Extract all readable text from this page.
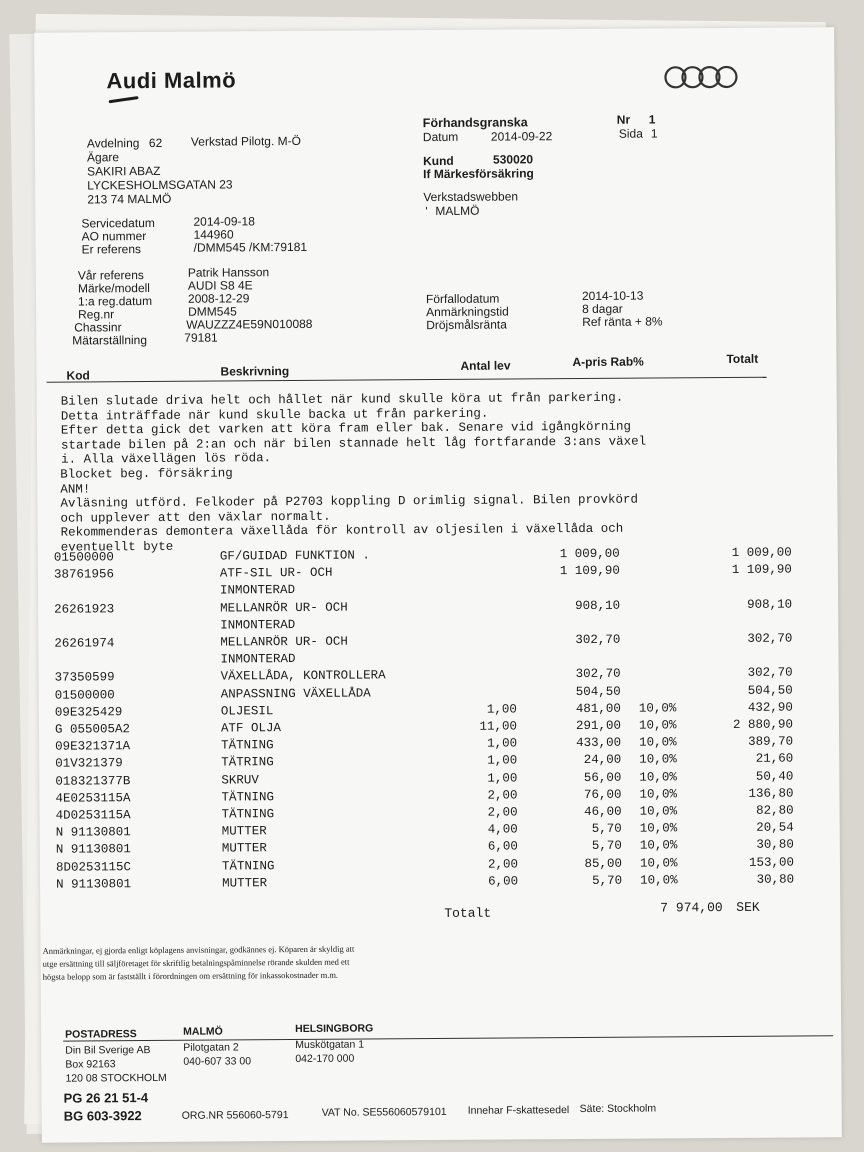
Audi Malmö
Förhandsgranska	Nr 1
Datum	2014-09-22	Sida 1
Kund	530020
If Märkesförsäkring
Verkstadswebben
' MALMÖ
Avdelning 62 Verkstad Pilotg. M-Ö
Ägare
SAKIRI ABAZ
LYCKESHOLMSGATAN 23
213 74 MALMÖ
Servicedatum	2014-09-18
AO nummer	144960
Er referens	/DMM545 /KM:79181
Vår referens	Patrik Hansson
Märke/modell	AUDI S8 4E
1:a reg.datum	2008-12-29
Reg.nr	DMM545
Chassinr	WAUZZZ4E59N010088
Mätarställning	79181
Förfallodatum	2014-10-13
Anmärkningstid	8 dagar
Dröjsmålsränta	Ref ränta + 8%
Kod	Beskrivning	Antal lev	A-pris Rab%	Totalt
Bilen slutade driva helt och hållet när kund skulle köra ut från parkering.
Detta inträffade när kund skulle backa ut från parkering.
Efter detta gick det varken att köra fram eller bak. Senare vid igångkörning
startade bilen på 2:an och när bilen stannade helt låg fortfarande 3:ans växel
i. Alla växellägen lös röda.
Blocket beg. försäkring
ANM!
Avläsning utförd. Felkoder på P2703 koppling D orimlig signal. Bilen provkörd
och upplever att den växlar normalt.
Rekommenderas demontera växellåda för kontroll av oljesilen i växellåda och
eventuellt byte
01500000	GF/GUIDAD FUNKTION .	1 009,00	1 009,00
38761956	ATF-SIL UR- OCH	1 109,90	1 109,90
INMONTERAD
26261923	MELLANRÖR UR- OCH	908,10	908,10
INMONTERAD
26261974	MELLANRÖR UR- OCH	302,70	302,70
INMONTERAD
37350599	VÄXELLÅDA, KONTROLLERA	302,70	302,70
01500000	ANPASSNING VÄXELLÅDA	504,50	504,50
09E325429	OLJESIL	1,00	481,00 10,0%	432,90
G 055005A2	ATF OLJA	11,00	291,00 10,0%	2 880,90
09E321371A	TÄTNING	1,00	433,00 10,0%	389,70
01V321379	TÄTRING	1,00	24,00 10,0%	21,60
018321377B	SKRUV	1,00	56,00 10,0%	50,40
4E0253115A	TÄTNING	2,00	76,00 10,0%	136,80
4D0253115A	TÄTNING	2,00	46,00 10,0%	82,80
N 91130801	MUTTER	4,00	5,70 10,0%	20,54
N 91130801	MUTTER	6,00	5,70 10,0%	30,80
8D0253115C	TÄTNING	2,00	85,00 10,0%	153,00
N 91130801	MUTTER	6,00	5,70 10,0%	30,80
Totalt	7 974,00 SEK
Anmärkningar, ej gjorda enligt köplagens anvisningar, godkännes ej. Köparen är skyldig att
utge ersättning till säljföretaget för skriftlig betalningspåminnelse rörande skulden med ett
högsta belopp som är fastställt i förordningen om ersättning för inkassokostnader m.m.
POSTADRESS
Din Bil Sverige AB
Box 92163
120 08 STOCKHOLM
MALMÖ
Pilotgatan 2
040-607 33 00
HELSINGBORG
Muskötgatan 1
042-170 000
PG 26 21 51-4
BG 603-3922	ORG.NR 556060-5791	VAT No. SE556060579101 Innehar F-skattesedel Säte: Stockholm
